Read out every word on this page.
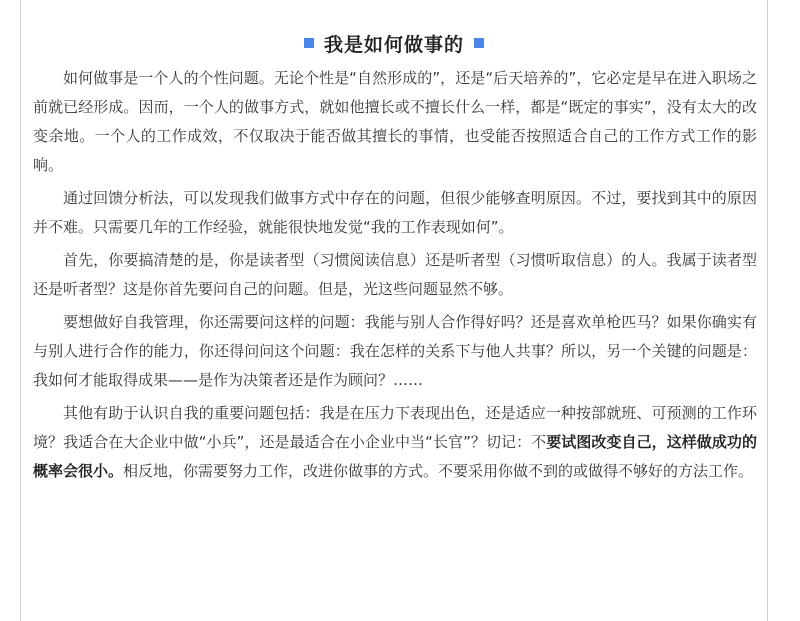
我是如何做事的

如何做事是一个人的个性问题。无论个性是“自然形成的”，还是“后天培养的”，它必定是早在进入职场之前就已经形成。因而，一个人的做事方式，就如他擅长或不擅长什么一样，都是“既定的事实”，没有太大的改变余地。一个人的工作成效，不仅取决于能否做其擅长的事情，也受能否按照适合自己的工作方式工作的影响。

通过回馈分析法，可以发现我们做事方式中存在的问题，但很少能够查明原因。不过，要找到其中的原因并不难。只需要几年的工作经验，就能很快地发觉“我的工作表现如何”。

首先，你要搞清楚的是，你是读者型（习惯阅读信息）还是听者型（习惯听取信息）的人。我属于读者型还是听者型？这是你首先要问自己的问题。但是，光这些问题显然不够。

要想做好自我管理，你还需要问这样的问题：我能与别人合作得好吗？还是喜欢单枪匹马？如果你确实有与别人进行合作的能力，你还得问问这个问题：我在怎样的关系下与他人共事？所以，另一个关键的问题是：我如何才能取得成果——是作为决策者还是作为顾问？……

其他有助于认识自我的重要问题包括：我是在压力下表现出色，还是适应一种按部就班、可预测的工作环境？我适合在大企业中做“小兵”，还是最适合在小企业中当“长官”？切记：不要试图改变自己，这样做成功的概率会很小。相反地，你需要努力工作，改进你做事的方式。不要采用你做不到的或做得不够好的方法工作。
